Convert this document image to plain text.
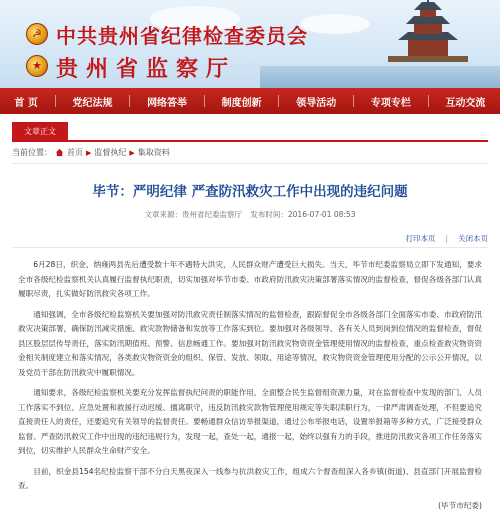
☭
★
中共贵州省纪律检查委员会
贵州省监察厅
首 页	党纪法规	网络答举	制度创新	领导活动	专项专栏	互动交流
文章正文
当前位置： 首页 ▶ 监督执纪 ▶ 集取资料
毕节：严明纪律 严查防汛救灾工作中出现的违纪问题
文章来源：贵州省纪委监察厅 发布时间：2016-07-01 08:53
打印本页 | 关闭本页

6月28日，织金、纳雍两县先后遭受数十年不遇特大洪灾，人民群众财产遭受巨大损失。当天，毕节市纪委监察局立即下发通知，要求全市各级纪检监察机关认真履行监督执纪职责，切实加强对毕节市委、市政府防汛救灾决策部署落实情况的监督检查，督促各级各部门认真履职尽责，扎实做好防汛救灾各项工作。

通知强调，全市各级纪检监察机关要加强对防汛救灾责任制落实情况的监督检查，跟踪督促全市各级各部门全面落实市委、市政府防汛救灾决策部署，确保防汛减灾措施、救灾款物储备和发放等工作落实到位。要加强对各级领导、各有关人员到岗到位情况的监督检查，督促县区股层层传导责任，落实防汛期值班、预警、信息畅通工作。要加强对防汛救灾物资资金管理使用情况的监督检查，重点检查救灾物资资金相关制度建立和落实情况，各类救灾物资资金的组织、保管、发放、领取、用途等情况，救灾物资资金管理使用分配的公示公开情况，以及党员干部在防汛救灾中履职情况。

通知要求，各级纪检监察机关要充分发挥监督执纪问责的职能作用，全面整合民生监督组资源力量，对在监督检查中发现的部门、人员工作落实不到位、应急处置和救援行动迟缓、擅离职守，违反防汛救灾款物管理使用规定等失职渎职行为，一律严肃调查处理，不但要追究直接责任人的责任，还要追究有关领导的监督责任。要畅通群众信访举报渠道，通过公布举报电话，设置举报箱等多种方式，广泛接受群众监督。严查防汛救灾工作中出现的违纪违规行为，发现一起，查处一起，通报一起，始终以强有力的手段，推进防汛救灾各项工作任务落实到位，切实维护人民群众生命财产安全。

目前，织金县154名纪检监察干部不分白天黑夜深入一线参与抗洪救灾工作，组成六个督查组深入各乡镇(街道)、县直部门开展监督检查。

(毕节市纪委)
